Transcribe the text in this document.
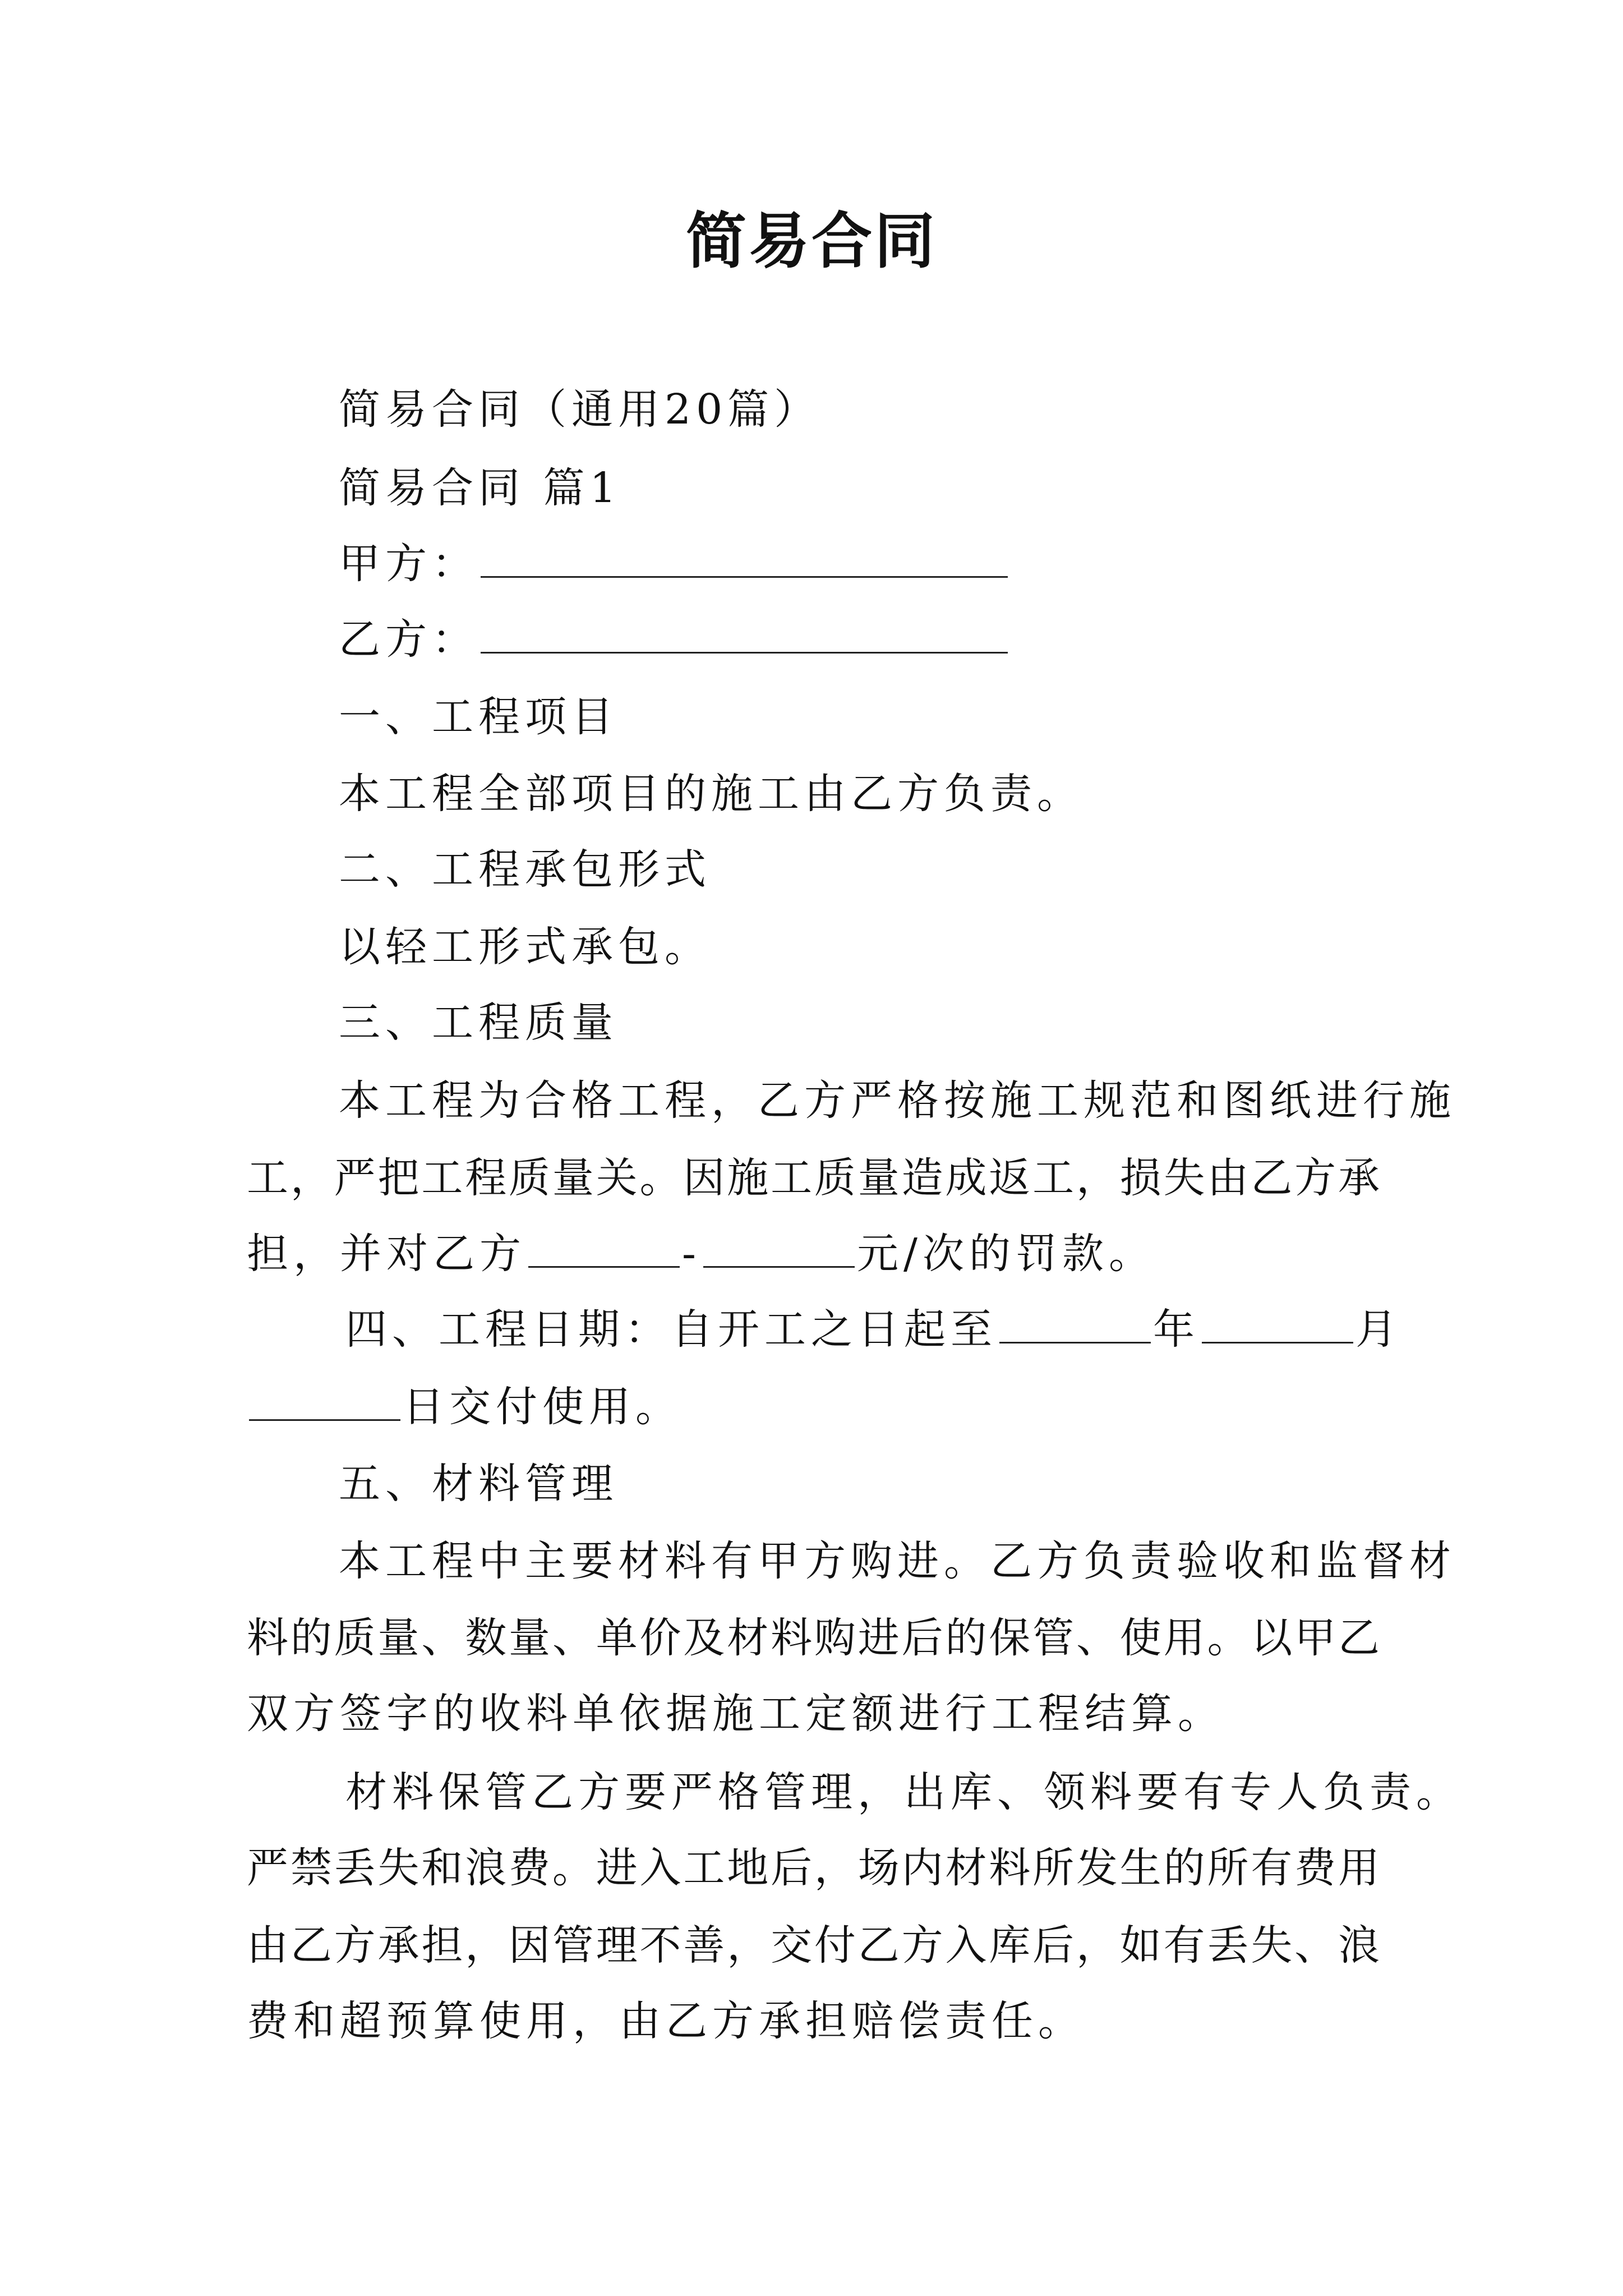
简易合同
简易合同（通用20篇）
简易合同 篇1
甲方：
乙方：
一、工程项目
本工程全部项目的施工由乙方负责。
二、工程承包形式
以轻工形式承包。
三、工程质量
本工程为合格工程，乙方严格按施工规范和图纸进行施
工，严把工程质量关。因施工质量造成返工，损失由乙方承
担，并对乙方	-	元/次的罚款。
四、工程日期：自开工之日起至	年	月
日交付使用。
五、材料管理
本工程中主要材料有甲方购进。乙方负责验收和监督材
料的质量、数量、单价及材料购进后的保管、使用。以甲乙
双方签字的收料单依据施工定额进行工程结算。
材料保管乙方要严格管理，出库、领料要有专人负责。
严禁丢失和浪费。进入工地后，场内材料所发生的所有费用
由乙方承担，因管理不善，交付乙方入库后，如有丢失、浪
费和超预算使用，由乙方承担赔偿责任。
